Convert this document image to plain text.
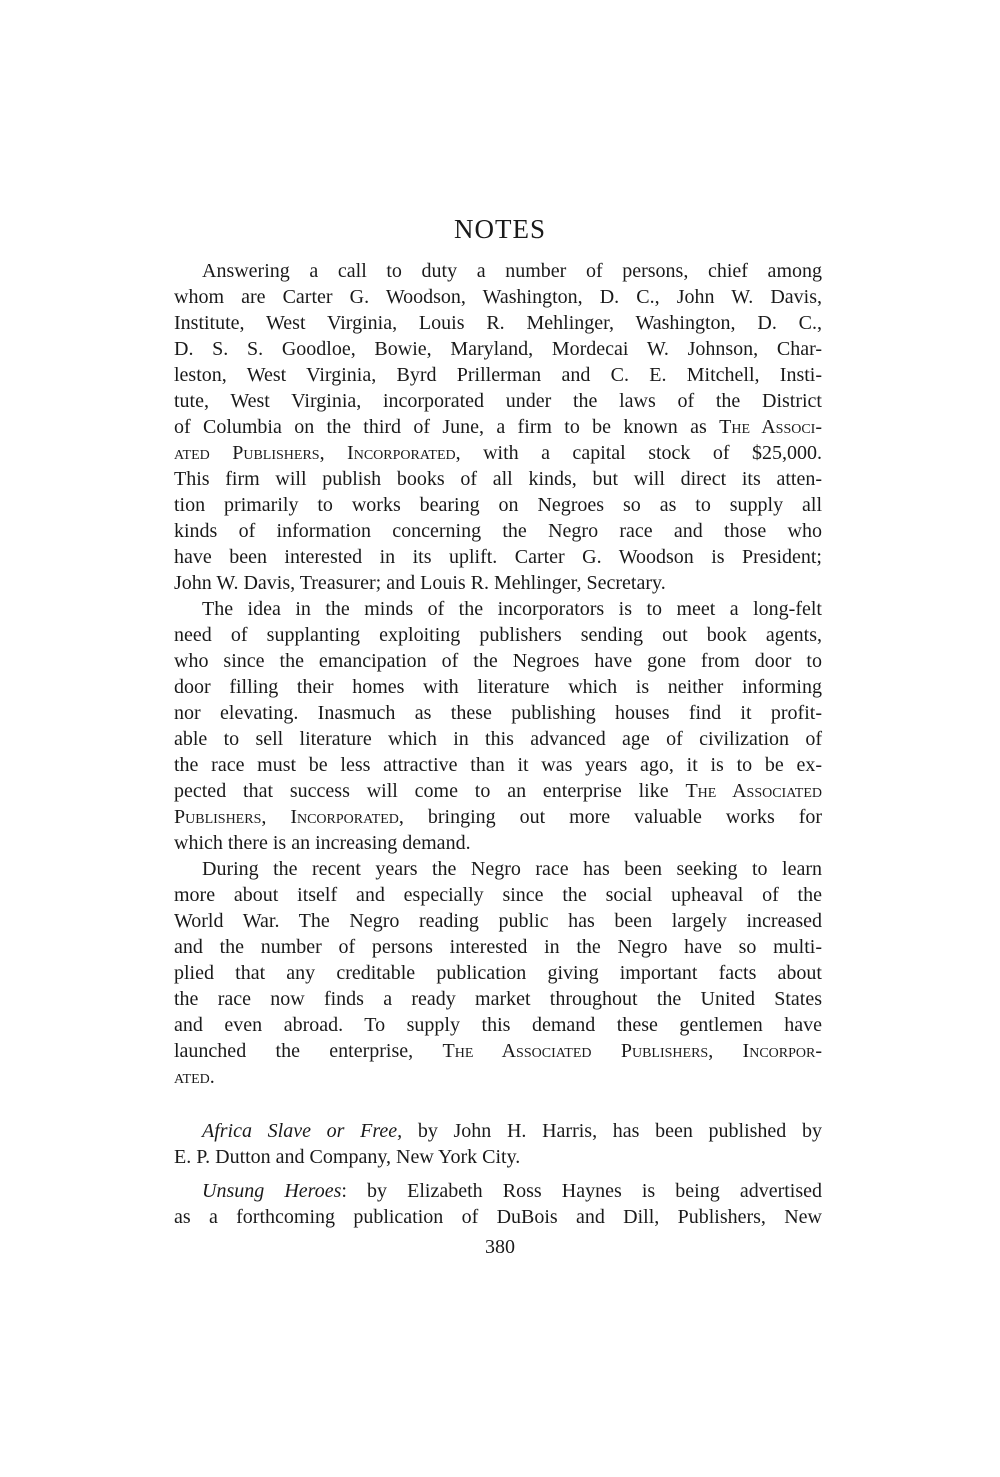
NOTES

Answering a call to duty a number of persons, chief among

whom are Carter G. Woodson, Washington, D. C., John W. Davis,

Institute, West Virginia, Louis R. Mehlinger, Washington, D. C.,

D. S. S. Goodloe, Bowie, Maryland, Mordecai W. Johnson, Char-

leston, West Virginia, Byrd Prillerman and C. E. Mitchell, Insti-

tute, West Virginia, incorporated under the laws of the District

of Columbia on the third of June, a firm to be known as The Associ-

ated Publishers, Incorporated, with a capital stock of $25,000.

This firm will publish books of all kinds, but will direct its atten-

tion primarily to works bearing on Negroes so as to supply all

kinds of information concerning the Negro race and those who

have been interested in its uplift. Carter G. Woodson is President;

John W. Davis, Treasurer; and Louis R. Mehlinger, Secretary.

The idea in the minds of the incorporators is to meet a long-felt

need of supplanting exploiting publishers sending out book agents,

who since the emancipation of the Negroes have gone from door to

door filling their homes with literature which is neither informing

nor elevating. Inasmuch as these publishing houses find it profit-

able to sell literature which in this advanced age of civilization of

the race must be less attractive than it was years ago, it is to be ex-

pected that success will come to an enterprise like The Associated

Publishers, Incorporated, bringing out more valuable works for

which there is an increasing demand.

During the recent years the Negro race has been seeking to learn

more about itself and especially since the social upheaval of the

World War. The Negro reading public has been largely increased

and the number of persons interested in the Negro have so multi-

plied that any creditable publication giving important facts about

the race now finds a ready market throughout the United States

and even abroad. To supply this demand these gentlemen have

launched the enterprise, The Associated Publishers, Incorpor-

ated.

Africa Slave or Free, by John H. Harris, has been published by

E. P. Dutton and Company, New York City.

Unsung Heroes: by Elizabeth Ross Haynes is being advertised

as a forthcoming publication of DuBois and Dill, Publishers, New

380
